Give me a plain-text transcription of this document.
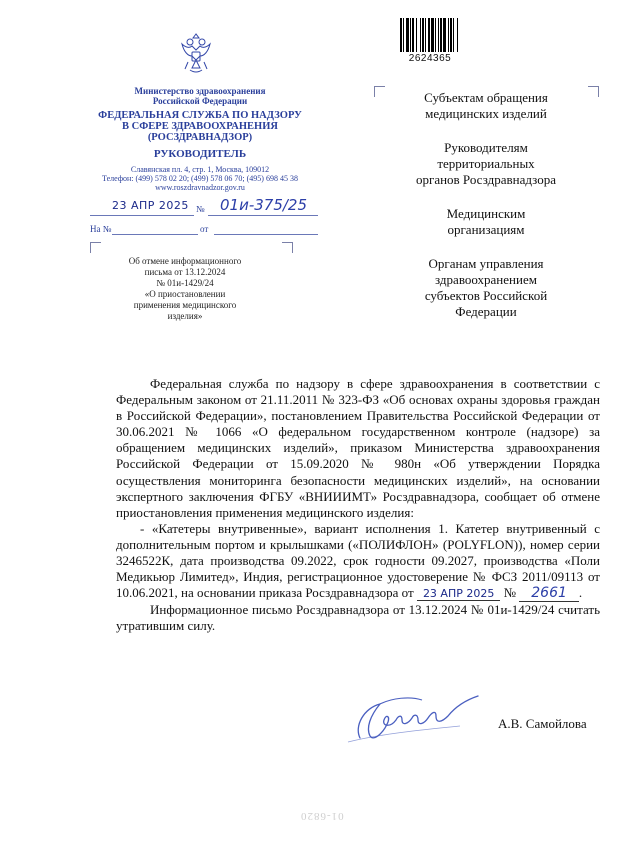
2624365
Министерство здравоохранения
Российской Федерации
ФЕДЕРАЛЬНАЯ СЛУЖБА ПО НАДЗОРУ
В СФЕРЕ ЗДРАВООХРАНЕНИЯ
(РОСЗДРАВНАДЗОР)
РУКОВОДИТЕЛЬ
Славянская пл. 4, стр. 1, Москва, 109012
Телефон: (499) 578 02 20; (499) 578 06 70; (495) 698 45 38
www.roszdravnadzor.gov.ru
23 АПР 2025 № 01и-375/25
На №	от
Об отмене информационного
письма от 13.12.2024
№ 01и-1429/24
«О приостановлении
применения медицинского
изделия»
Субъектам обращения
медицинских изделий
Руководителям
территориальных
органов Росздравнадзора
Медицинским
организациям
Органам управления
здравоохранением
субъектов Российской
Федерации

Федеральная служба по надзору в сфере здравоохранения в соответствии с Федеральным законом от 21.11.2011 № 323-ФЗ «Об основах охраны здоровья граждан в Российской Федерации», постановлением Правительства Российской Федерации от 30.06.2021 № 1066 «О федеральном государственном контроле (надзоре) за обращением медицинских изделий», приказом Министерства здравоохранения Российской Федерации от 15.09.2020 № 980н «Об утверждении Порядка осуществления мониторинга безопасности медицинских изделий», на основании экспертного заключения ФГБУ «ВНИИИМТ» Росздравнадзора, сообщает об отмене приостановления применения медицинского изделия:

- «Катетеры внутривенные», вариант исполнения 1. Катетер внутривенный с дополнительным портом и крылышками («ПОЛИФЛОН» (POLYFLON)), номер серии 3246522К, дата производства 09.2022, срок годности 09.2027, производства «Поли Медикьюр Лимитед», Индия, регистрационное удостоверение № ФСЗ 2011/09113 от 10.06.2021, на основании приказа Росздравнадзора от 23 АПР 2025 № 2661 .

Информационное письмо Росздравнадзора от 13.12.2024 № 01и-1429/24 считать утратившим силу.

А.В. Самойлова
01-6820
